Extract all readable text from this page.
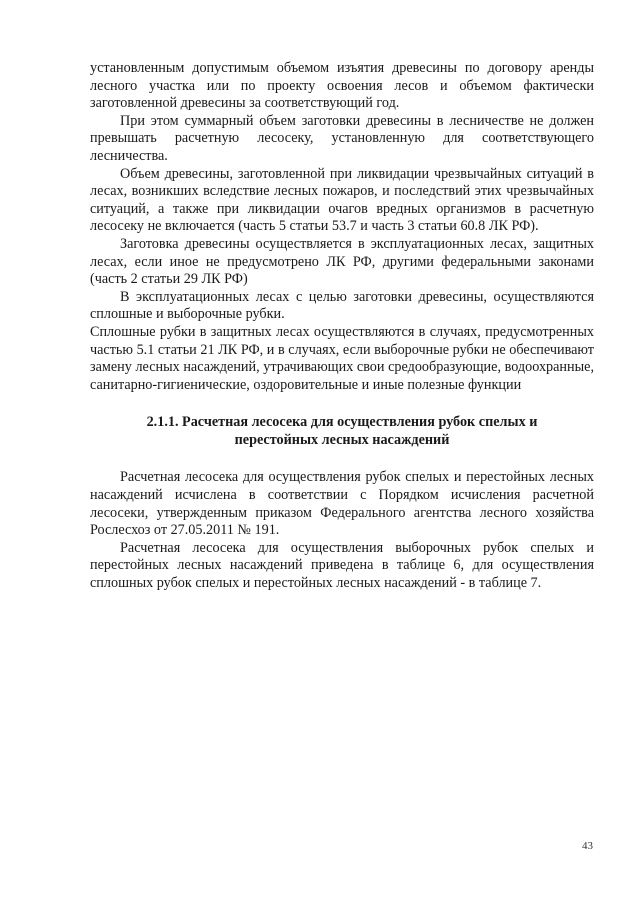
установленным допустимым объемом изъятия древесины по договору аренды лесного участка или по проекту освоения лесов и объемом фактически заготовленной древесины за соответствующий год.

При этом суммарный объем заготовки древесины в лесничестве не должен превышать расчетную лесосеку, установленную для соответствующего лесничества.

Объем древесины, заготовленной при ликвидации чрезвычайных ситуаций в лесах, возникших вследствие лесных пожаров, и последствий этих чрезвычайных ситуаций, а также при ликвидации очагов вредных организмов в расчетную лесосеку не включается (часть 5 статьи 53.7 и часть 3 статьи 60.8 ЛК РФ).

Заготовка древесины осуществляется в эксплуатационных лесах, защитных лесах, если иное не предусмотрено ЛК РФ, другими федеральными законами (часть 2 статьи 29 ЛК РФ)

В эксплуатационных лесах с целью заготовки древесины, осуществляются сплошные и выборочные рубки.

Сплошные рубки в защитных лесах осуществляются в случаях, предусмотренных частью 5.1 статьи 21 ЛК РФ, и в случаях, если выборочные рубки не обеспечивают замену лесных насаждений, утрачивающих свои средообразующие, водоохранные, санитарно-гигиенические, оздоровительные и иные полезные функции

2.1.1. Расчетная лесосека для осуществления рубок спелых и
перестойных лесных насаждений

Расчетная лесосека для осуществления рубок спелых и перестойных лесных насаждений исчислена в соответствии с Порядком исчисления расчетной лесосеки, утвержденным приказом Федерального агентства лесного хозяйства Рослесхоз от 27.05.2011 № 191.

Расчетная лесосека для осуществления выборочных рубок спелых и перестойных лесных насаждений приведена в таблице 6, для осуществления сплошных рубок спелых и перестойных лесных насаждений - в таблице 7.

43
